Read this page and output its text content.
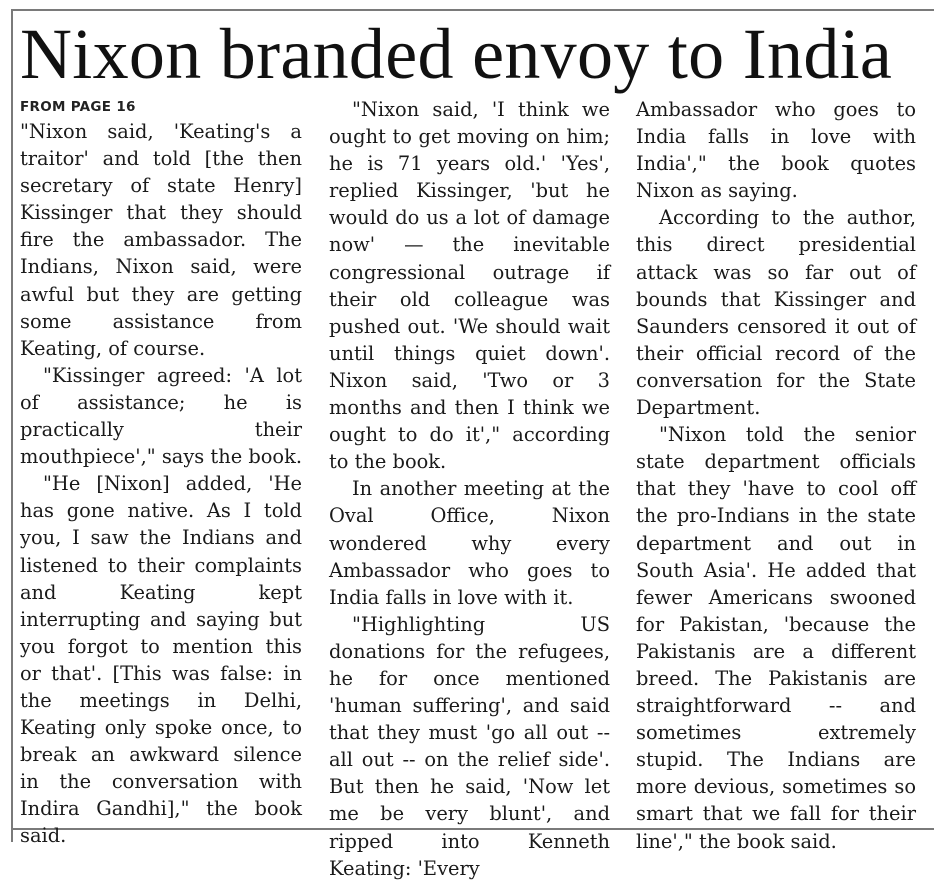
Nixon branded envoy to India
FROM PAGE 16

"Nixon said, 'Keating's a traitor' and told [the then secretary of state Henry] Kissinger that they should fire the ambassador. The Indians, Nixon said, were awful but they are getting some assistance from Keating, of course.

"Kissinger agreed: 'A lot of assistance; he is practically their mouthpiece'," says the book.

"He [Nixon] added, 'He has gone native. As I told you, I saw the Indians and listened to their complaints and Keating kept interrupting and saying but you forgot to mention this or that'. [This was false: in the meetings in Delhi, Keating only spoke once, to break an awkward silence in the conversation with Indira Gandhi]," the book said.

"Nixon said, 'I think we ought to get moving on him; he is 71 years old.' 'Yes', replied Kissinger, 'but he would do us a lot of damage now' — the inevitable congressional outrage if their old colleague was pushed out. 'We should wait until things quiet down'. Nixon said, 'Two or 3 months and then I think we ought to do it'," according to the book.

In another meeting at the Oval Office, Nixon wondered why every Ambassador who goes to India falls in love with it.

"Highlighting US donations for the refugees, he for once mentioned 'human suffering', and said that they must 'go all out -- all out -- on the relief side'. But then he said, 'Now let me be very blunt', and ripped into Kenneth Keating: 'Every

Ambassador who goes to India falls in love with India'," the book quotes Nixon as saying.

According to the author, this direct presidential attack was so far out of bounds that Kissinger and Saunders censored it out of their official record of the conversation for the State Department.

"Nixon told the senior state department officials that they 'have to cool off the pro-Indians in the state department and out in South Asia'. He added that fewer Americans swooned for Pakistan, 'because the Pakistanis are a different breed. The Pakistanis are straightforward -- and sometimes extremely stupid. The Indians are more devious, sometimes so smart that we fall for their line'," the book said.
